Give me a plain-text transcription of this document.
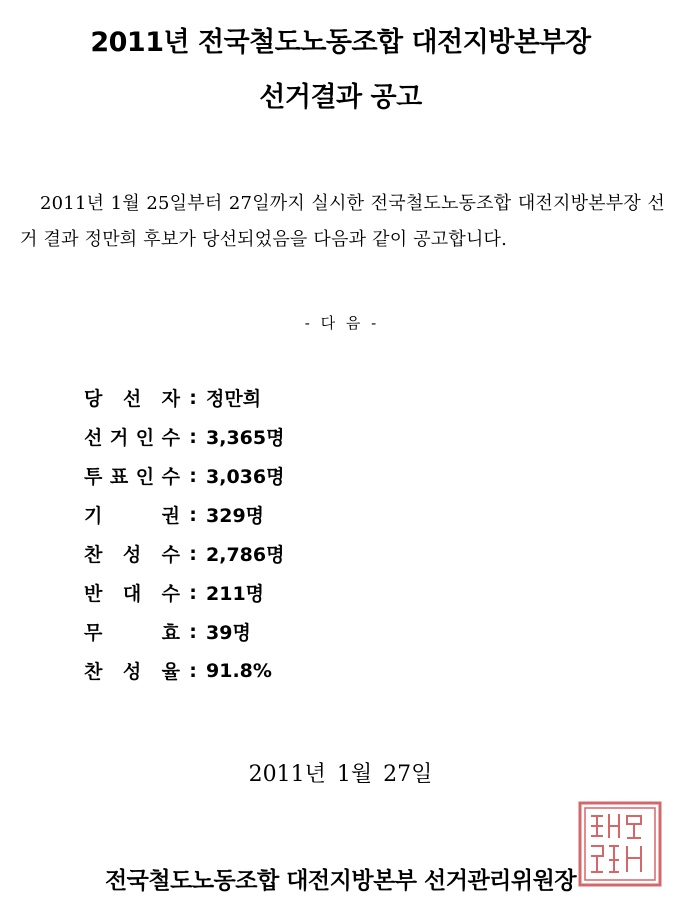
2011년 전국철도노동조합 대전지방본부장
선거결과 공고
2011년 1월 25일부터 27일까지 실시한 전국철도노동조합 대전지방본부장 선거 결과 정만희 후보가 당선되었음을 다음과 같이 공고합니다.
- 다 음 -
당 선 자 : 정만희
선 거 인 수 : 3,365명
투 표 인 수 : 3,036명
기	권 : 329명
찬 성 수 : 2,786명
반 대 수 : 211명
무	효 : 39명
찬 성 율 : 91.8%
2011년 1월 27일
전국철도노동조합 대전지방본부 선거관리위원장
